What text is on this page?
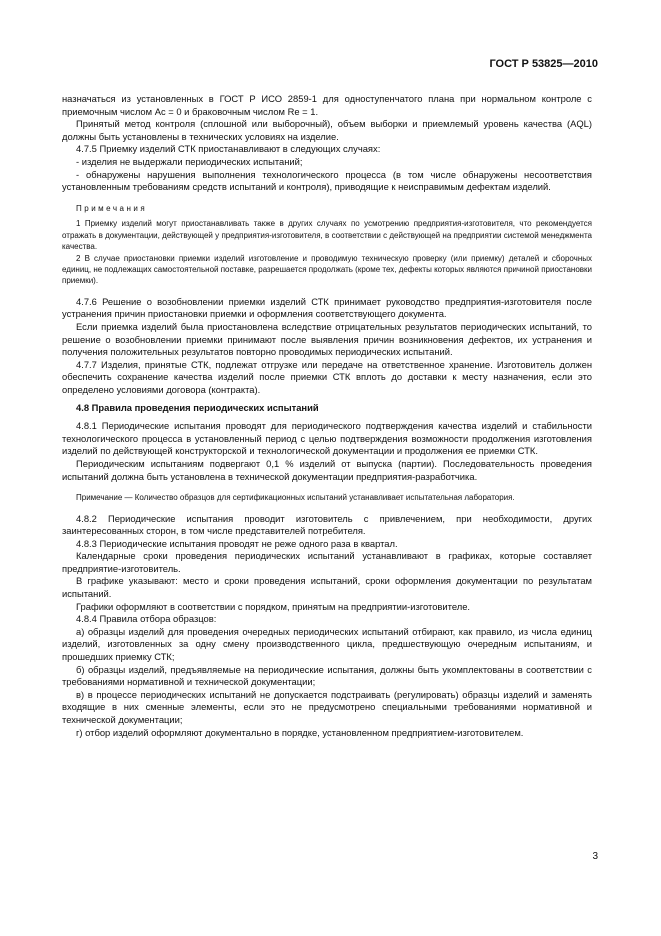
ГОСТ Р 53825—2010

назначаться из установленных в ГОСТ Р ИСО 2859-1 для одноступенчатого плана при нормальном контроле с приемочным числом Ac = 0 и браковочным числом Re = 1.

Принятый метод контроля (сплошной или выборочный), объем выборки и приемлемый уровень качества (AQL) должны быть установлены в технических условиях на изделие.

4.7.5 Приемку изделий СТК приостанавливают в следующих случаях:

- изделия не выдержали периодических испытаний;

- обнаружены нарушения выполнения технологического процесса (в том числе обнаружены несоответствия установленным требованиям средств испытаний и контроля), приводящие к неисправимым дефектам изделий.

Примечания

1 Приемку изделий могут приостанавливать также в других случаях по усмотрению предприятия-изготовителя, что рекомендуется отражать в документации, действующей у предприятия-изготовителя, в соответствии с действующей на предприятии системой менеджмента качества.

2 В случае приостановки приемки изделий изготовление и проводимую техническую проверку (или приемку) деталей и сборочных единиц, не подлежащих самостоятельной поставке, разрешается продолжать (кроме тех, дефекты которых являются причиной приостановки приемки).

4.7.6 Решение о возобновлении приемки изделий СТК принимает руководство предприятия-изготовителя после устранения причин приостановки приемки и оформления соответствующего документа.

Если приемка изделий была приостановлена вследствие отрицательных результатов периодических испытаний, то решение о возобновлении приемки принимают после выявления причин возникновения дефектов, их устранения и получения положительных результатов повторно проводимых периодических испытаний.

4.7.7 Изделия, принятые СТК, подлежат отгрузке или передаче на ответственное хранение. Изготовитель должен обеспечить сохранение качества изделий после приемки СТК вплоть до доставки к месту назначения, если это определено условиями договора (контракта).

4.8 Правила проведения периодических испытаний

4.8.1 Периодические испытания проводят для периодического подтверждения качества изделий и стабильности технологического процесса в установленный период с целью подтверждения возможности продолжения изготовления изделий по действующей конструкторской и технологической документации и продолжения ее приемки СТК.

Периодическим испытаниям подвергают 0,1 % изделий от выпуска (партии). Последовательность проведения испытаний должна быть установлена в технической документации предприятия-разработчика.

Примечание — Количество образцов для сертификационных испытаний устанавливает испытательная лаборатория.

4.8.2 Периодические испытания проводит изготовитель с привлечением, при необходимости, других заинтересованных сторон, в том числе представителей потребителя.

4.8.3 Периодические испытания проводят не реже одного раза в квартал.

Календарные сроки проведения периодических испытаний устанавливают в графиках, которые составляет предприятие-изготовитель.

В графике указывают: место и сроки проведения испытаний, сроки оформления документации по результатам испытаний.

Графики оформляют в соответствии с порядком, принятым на предприятии-изготовителе.

4.8.4 Правила отбора образцов:

а) образцы изделий для проведения очередных периодических испытаний отбирают, как правило, из числа единиц изделий, изготовленных за одну смену производственного цикла, предшествующую очередным испытаниям, и прошедших приемку СТК;

б) образцы изделий, предъявляемые на периодические испытания, должны быть укомплектованы в соответствии с требованиями нормативной и технической документации;

в) в процессе периодических испытаний не допускается подстраивать (регулировать) образцы изделий и заменять входящие в них сменные элементы, если это не предусмотрено специальными требованиями нормативной и технической документации;

г) отбор изделий оформляют документально в порядке, установленном предприятием-изготовителем.

3
